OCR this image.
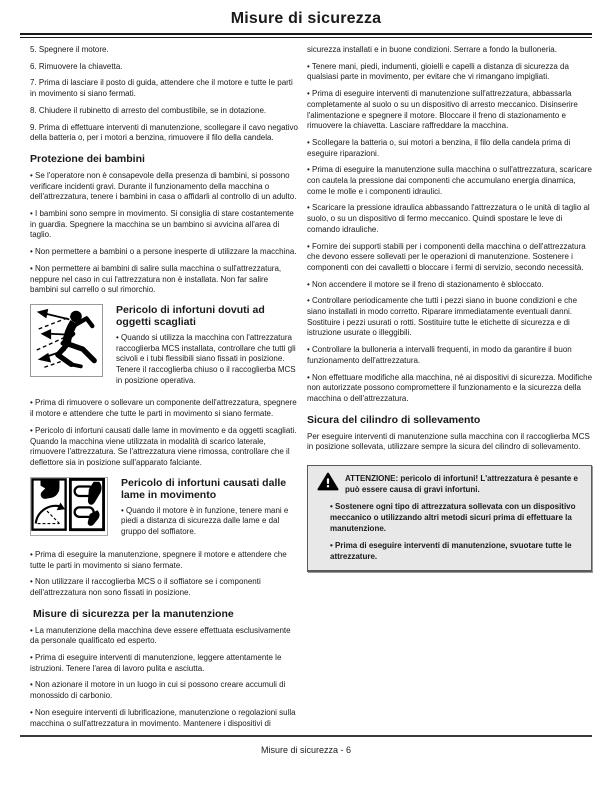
Misure di sicurezza

5. Spegnere il motore.

6. Rimuovere la chiavetta.

7. Prima di lasciare il posto di guida, attendere che il motore e tutte le parti in movimento si siano fermati.

8. Chiudere il rubinetto di arresto del combustibile, se in dotazione.

9. Prima di effettuare interventi di manutenzione, scollegare il cavo negativo della batteria o, per i motori a benzina, rimuovere il filo della candela.

Protezione dei bambini

• Se l'operatore non è consapevole della presenza di bambini, si possono verificare incidenti gravi. Durante il funzionamento della macchina o dell'attrezzatura, tenere i bambini in casa o affidarli al controllo di un adulto.

• I bambini sono sempre in movimento. Si consiglia di stare costantemente in guardia. Spegnere la macchina se un bambino si avvicina all'area di taglio.

• Non permettere a bambini o a persone inesperte di utilizzare la macchina.

• Non permettere ai bambini di salire sulla macchina o sull'attrezzatura, neppure nel caso in cui l'attrezzatura non è installata. Non far salire bambini sul carrello o sul rimorchio.

Pericolo di infortuni dovuti ad oggetti scagliati

• Quando si utilizza la macchina con l'attrezzatura raccoglierba MCS installata, controllare che tutti gli scivoli e i tubi flessibili siano fissati in posizione. Tenere il raccoglierba chiuso o il raccoglierba MCS in posizione operativa.

• Prima di rimuovere o sollevare un componente dell'attrezzatura, spegnere il motore e attendere che tutte le parti in movimento si siano fermate.

• Pericolo di infortuni causati dalle lame in movimento e da oggetti scagliati. Quando la macchina viene utilizzata in modalità di scarico laterale, rimuovere l'attrezzatura. Se l'attrezzatura viene rimossa, controllare che il deflettore sia in posizione sull'apparato falciante.

Pericolo di infortuni causati dalle lame in movimento

• Quando il motore è in funzione, tenere mani e piedi a distanza di sicurezza dalle lame e dal gruppo del soffiatore.

• Prima di eseguire la manutenzione, spegnere il motore e attendere che tutte le parti in movimento si siano fermate.

• Non utilizzare il raccoglierba MCS o il soffiatore se i componenti dell'attrezzatura non sono fissati in posizione.

Misure di sicurezza per la manutenzione

• La manutenzione della macchina deve essere effettuata esclusivamente da personale qualificato ed esperto.

• Prima di eseguire interventi di manutenzione, leggere attentamente le istruzioni. Tenere l'area di lavoro pulita e asciutta.

• Non azionare il motore in un luogo in cui si possono creare accumuli di monossido di carbonio.

• Non eseguire interventi di lubrificazione, manutenzione o regolazioni sulla macchina o sull'attrezzatura in movimento. Mantenere i dispositivi di

sicurezza installati e in buone condizioni. Serrare a fondo la bulloneria.

• Tenere mani, piedi, indumenti, gioielli e capelli a distanza di sicurezza da qualsiasi parte in movimento, per evitare che vi rimangano impigliati.

• Prima di eseguire interventi di manutenzione sull'attrezzatura, abbassarla completamente al suolo o su un dispositivo di arresto meccanico. Disinserire l'alimentazione e spegnere il motore. Bloccare il freno di stazionamento e rimuovere la chiavetta. Lasciare raffreddare la macchina.

• Scollegare la batteria o, sui motori a benzina, il filo della candela prima di eseguire riparazioni.

• Prima di eseguire la manutenzione sulla macchina o sull'attrezzatura, scaricare con cautela la pressione dai componenti che accumulano energia dinamica, come le molle e i componenti idraulici.

• Scaricare la pressione idraulica abbassando l'attrezzatura o le unità di taglio al suolo, o su un dispositivo di fermo meccanico. Quindi spostare le leve di comando idrauliche.

• Fornire dei supporti stabili per i componenti della macchina o dell'attrezzatura che devono essere sollevati per le operazioni di manutenzione. Sostenere i componenti con dei cavalletti o bloccare i fermi di servizio, secondo necessità.

• Non accendere il motore se il freno di stazionamento è sbloccato.

• Controllare periodicamente che tutti i pezzi siano in buone condizioni e che siano installati in modo corretto. Riparare immediatamente eventuali danni. Sostituire i pezzi usurati o rotti. Sostituire tutte le etichette di sicurezza e di istruzione usurate o illeggibili.

• Controllare la bulloneria a intervalli frequenti, in modo da garantire il buon funzionamento dell'attrezzatura.

• Non effettuare modifiche alla macchina, né ai dispositivi di sicurezza. Modifiche non autorizzate possono compromettere il funzionamento e la sicurezza della macchina o dell'attrezzatura.

Sicura del cilindro di sollevamento

Per eseguire interventi di manutenzione sulla macchina con il raccoglierba MCS in posizione sollevata, utilizzare sempre la sicura del cilindro di sollevamento.

ATTENZIONE: pericolo di infortuni! L'attrezzatura è pesante e può essere causa di gravi infortuni.

• Sostenere ogni tipo di attrezzatura sollevata con un dispositivo meccanico o utilizzando altri metodi sicuri prima di effettuare la manutenzione.

• Prima di eseguire interventi di manutenzione, svuotare tutte le attrezzature.

Misure di sicurezza - 6
